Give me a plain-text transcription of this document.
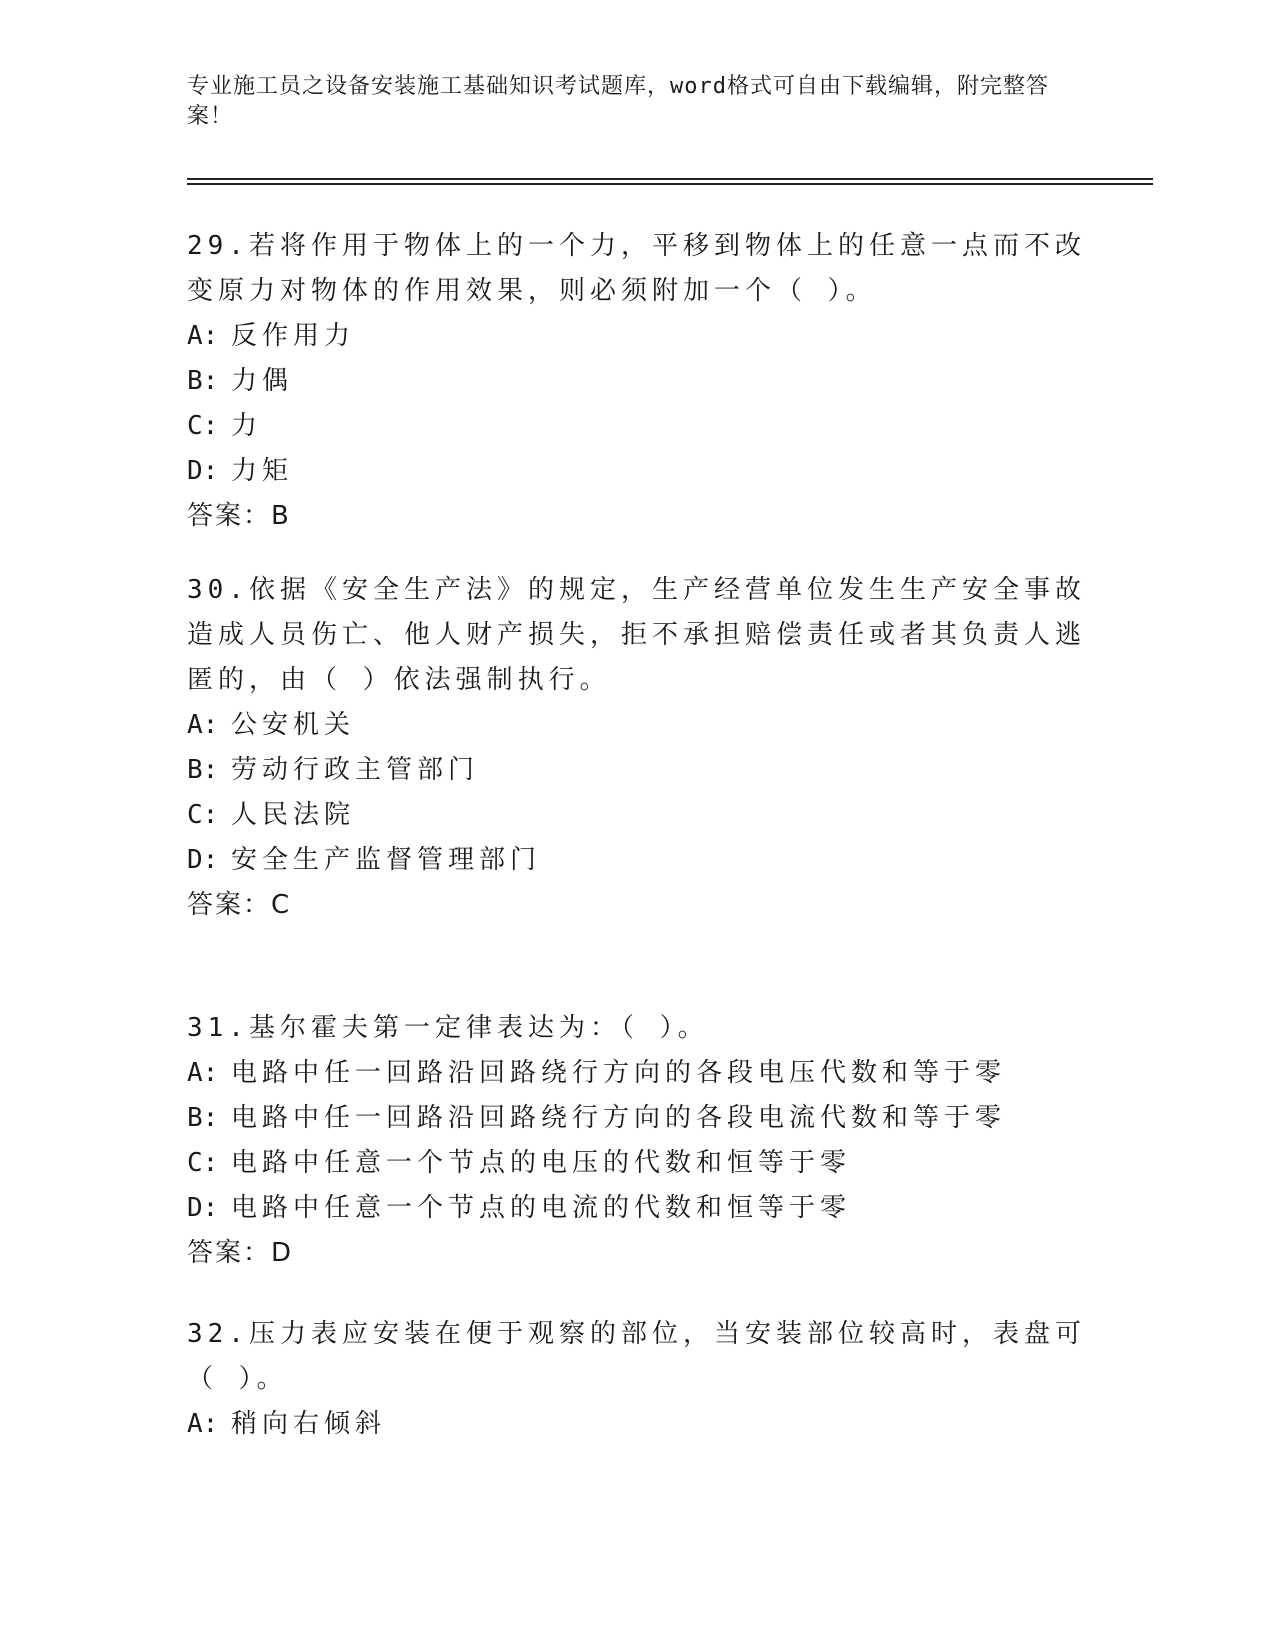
专业施工员之设备安装施工基础知识考试题库，word格式可自由下载编辑，附完整答案！
29.若将作用于物体上的一个力，平移到物体上的任意一点而不改变原力对物体的作用效果，则必须附加一个（ ）。
A: 反作用力
B: 力偶
C: 力
D: 力矩
答案：B
30.依据《安全生产法》的规定，生产经营单位发生生产安全事故造成人员伤亡、他人财产损失，拒不承担赔偿责任或者其负责人逃匿的，由（ ）依法强制执行。
A: 公安机关
B: 劳动行政主管部门
C: 人民法院
D: 安全生产监督管理部门
答案：C
31.基尔霍夫第一定律表达为：（ ）。
A: 电路中任一回路沿回路绕行方向的各段电压代数和等于零
B: 电路中任一回路沿回路绕行方向的各段电流代数和等于零
C: 电路中任意一个节点的电压的代数和恒等于零
D: 电路中任意一个节点的电流的代数和恒等于零
答案：D
32.压力表应安装在便于观察的部位，当安装部位较高时，表盘可（ ）。
A: 稍向右倾斜
